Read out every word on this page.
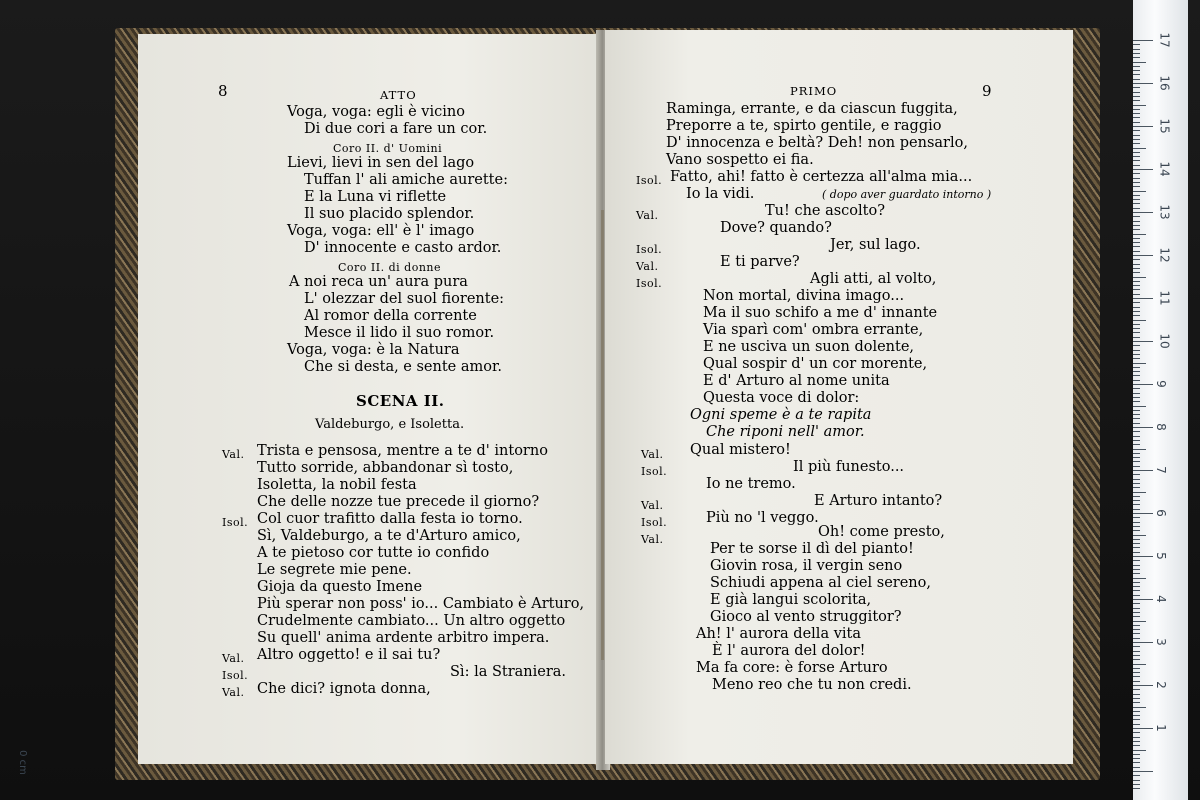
8	ATTO
Voga, voga: egli è vicino
Di due cori a fare un cor.
Coro II. d' Uomini
Lievi, lievi in sen del lago
Tuffan l' ali amiche aurette:
E la Luna vi riflette
Il suo placido splendor.
Voga, voga: ell' è l' imago
D' innocente e casto ardor.
Coro II. di donne
A noi reca un' aura pura
L' olezzar del suol fiorente:
Al romor della corrente
Mesce il lido il suo romor.
Voga, voga: è la Natura
Che si desta, e sente amor.
SCENA II.
Valdeburgo, e Isoletta.
Val. Trista e pensosa, mentre a te d' intorno
Tutto sorride, abbandonar sì tosto,
Isoletta, la nobil festa
Che delle nozze tue precede il giorno?
Isol. Col cuor trafitto dalla festa io torno.
Sì, Valdeburgo, a te d'Arturo amico,
A te pietoso cor tutte io confido
Le segrete mie pene.
Gioja da questo Imene
Più sperar non poss' io... Cambiato è Arturo,
Crudelmente cambiato... Un altro oggetto
Su quell' anima ardente arbitro impera.
Val. Altro oggetto! e il sai tu?
Isol.	Sì: la Straniera.
Val. Che dici? ignota donna,
PRIMO	9
Raminga, errante, e da ciascun fuggita,
Preporre a te, spirto gentile, e raggio
D' innocenza e beltà? Deh! non pensarlo,
Vano sospetto ei fia.
Isol. Fatto, ahi! fatto è certezza all'alma mia...
Io la vidi.	( dopo aver guardato intorno )
Val.	Tu! che ascolto?
Dove? quando?
Isol.	Jer, sul lago.
Val.	E ti parve?
Isol.	Agli atti, al volto,
Non mortal, divina imago...
Ma il suo schifo a me d' innante
Via sparì com' ombra errante,
E ne usciva un suon dolente,
Qual sospir d' un cor morente,
E d' Arturo al nome unita
Questa voce di dolor:
Ogni speme è a te rapita
Che riponi nell' amor.
Val. Qual mistero!
Isol.	Il più funesto...
Io ne tremo.
Val.	E Arturo intanto?
Isol.	Più no 'l veggo.
Val.	Oh! come presto,
Per te sorse il dì del pianto!
Giovin rosa, il vergin seno
Schiudi appena al ciel sereno,
E già langui scolorita,
Gioco al vento struggitor?
Ah! l' aurora della vita
È l' aurora del dolor!
Ma fa core: è forse Arturo
Meno reo che tu non credi.
17
16
15
14
13
12
11
10
9
8
7
6
5
4
3
2
1
0 cm
